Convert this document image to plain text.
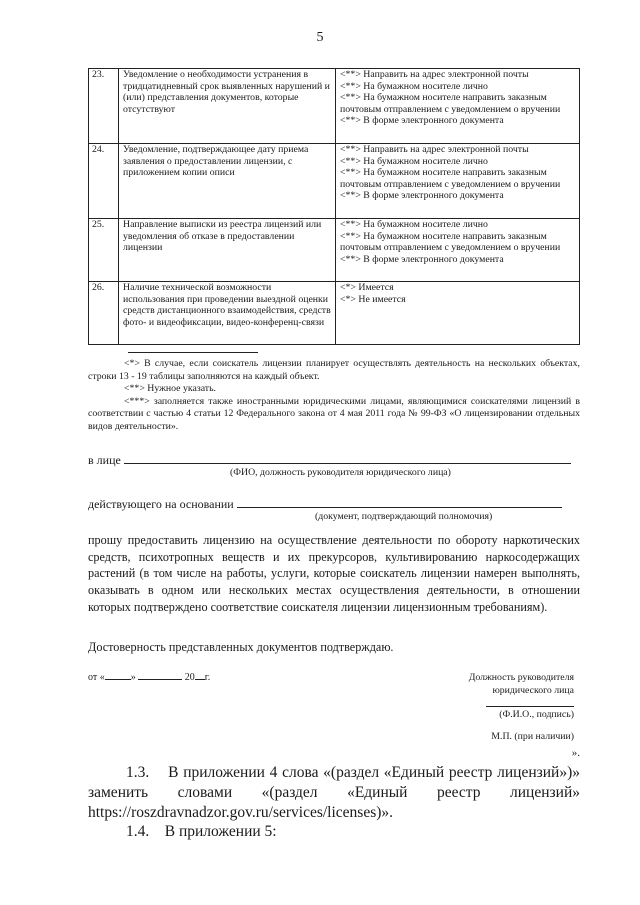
5
23.	Уведомление о необходимости устранения в тридцатидневный срок выявленных нарушений и (или) представления документов, которые отсутствуют	<**> Направить на адрес электронной почты
<**> На бумажном носителе лично
<**> На бумажном носителе направить заказным почтовым отправлением с уведомлением о вручении
<**> В форме электронного документа

24.	Уведомление, подтверждающее дату приема заявления о предоставлении лицензии, с приложением копии описи	<**> Направить на адрес электронной почты
<**> На бумажном носителе лично
<**> На бумажном носителе направить заказным почтовым отправлением с уведомлением о вручении
<**> В форме электронного документа

25.	Направление выписки из реестра лицензий или уведомления об отказе в предоставлении лицензии	<**> На бумажном носителе лично
<**> На бумажном носителе направить заказным почтовым отправлением с уведомлением о вручении
<**> В форме электронного документа

26.	Наличие технической возможности использования при проведении выездной оценки средств дистанционного взаимодействия, средств фото- и видеофиксации, видео-конференц-связи	<*> Имеется
<*> Не имеется

<*> В случае, если соискатель лицензии планирует осуществлять деятельность на нескольких объектах, строки 13 - 19 таблицы заполняются на каждый объект.

<**> Нужное указать.

<***> заполняется также иностранными юридическими лицами, являющимися соискателями лицензий в соответствии с частью 4 статьи 12 Федерального закона от 4 мая 2011 года № 99-ФЗ «О лицензировании отдельных видов деятельности».

в лице
(ФИО, должность руководителя юридического лица)
действующего на основании
(документ, подтверждающий полномочия)

прошу предоставить лицензию на осуществление деятельности по обороту наркотических средств, психотропных веществ и их прекурсоров, культивированию наркосодержащих растений (в том числе на работы, услуги, которые соискатель лицензии намерен выполнять, оказывать в одном или нескольких местах осуществления деятельности, в отношении которых подтверждено соответствие соискателя лицензии лицензионным требованиям).

Достоверность представленных документов подтверждаю.
от «	»	20 г.	Должность руководителя
юридического лица
(Ф.И.О., подпись)
М.П. (при наличии)
».

1.3. В приложении 4 слова «(раздел «Единый реестр лицензий»)»

заменить словами «(раздел «Единый реестр лицензий»

https://roszdravnadzor.gov.ru/services/licenses)».

1.4. В приложении 5:
